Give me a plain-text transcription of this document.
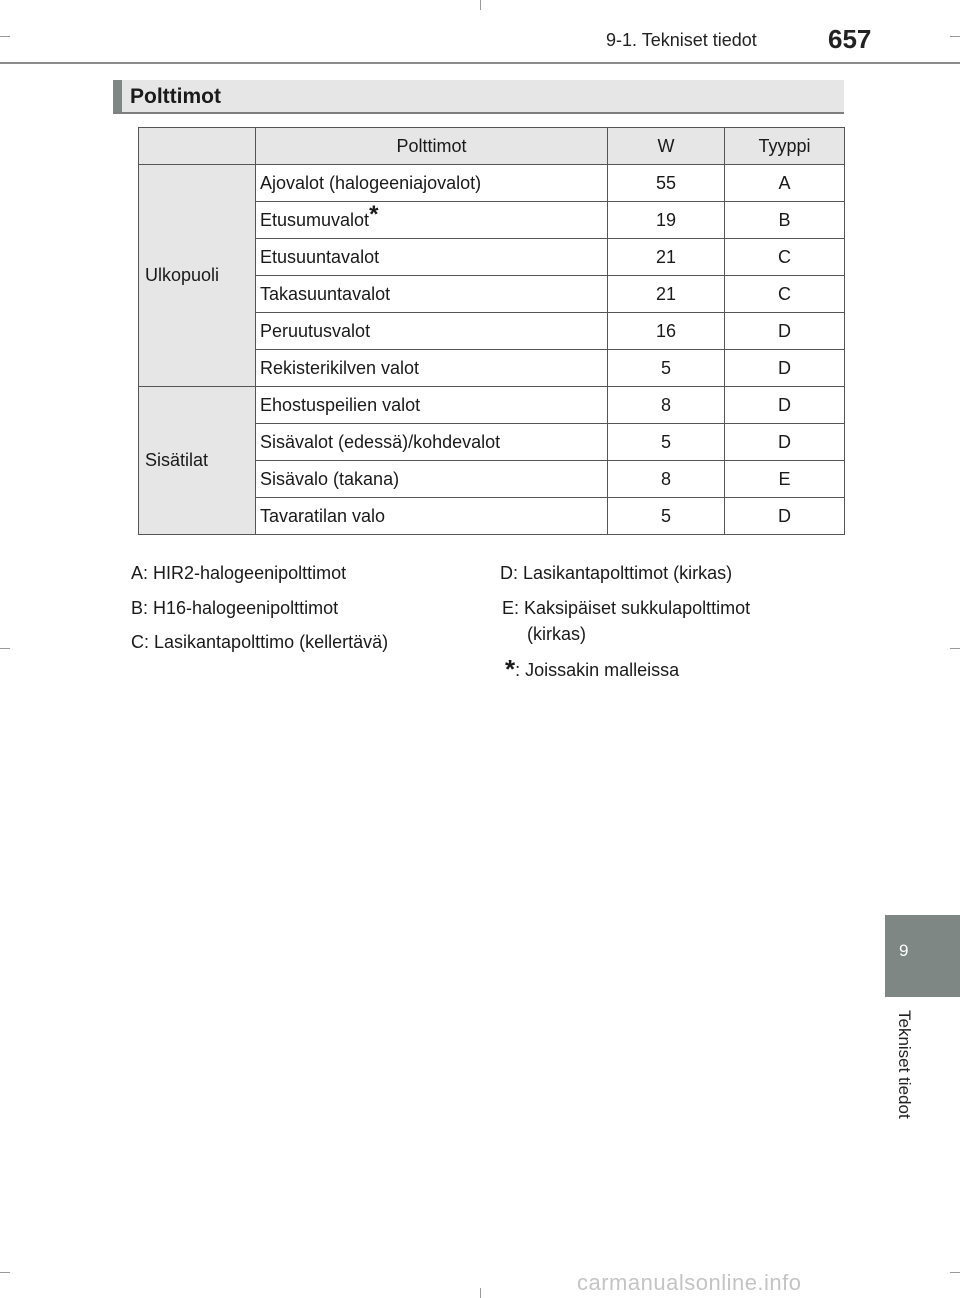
9-1. Tekniset tiedot	657
Polttimot
	Polttimot	W	Tyyppi
Ulkopuoli	Ajovalot (halogeeniajovalot)	55	A
	Etusumuvalot*	19	B
	Etusuuntavalot	21	C
	Takasuuntavalot	21	C
	Peruutusvalot	16	D
	Rekisterikilven valot	5	D
Sisätilat	Ehostuspeilien valot	8	D
	Sisävalot (edessä)/kohdevalot	5	D
	Sisävalo (takana)	8	E
	Tavaratilan valo	5	D
A: HIR2-halogeenipolttimot
B: H16-halogeenipolttimot
C: Lasikantapolttimo (kellertävä)
D: Lasikantapolttimot (kirkas)
E: Kaksipäiset sukkulapolttimot
(kirkas)
*: Joissakin malleissa
9
Tekniset tiedot
carmanualsonline.info
